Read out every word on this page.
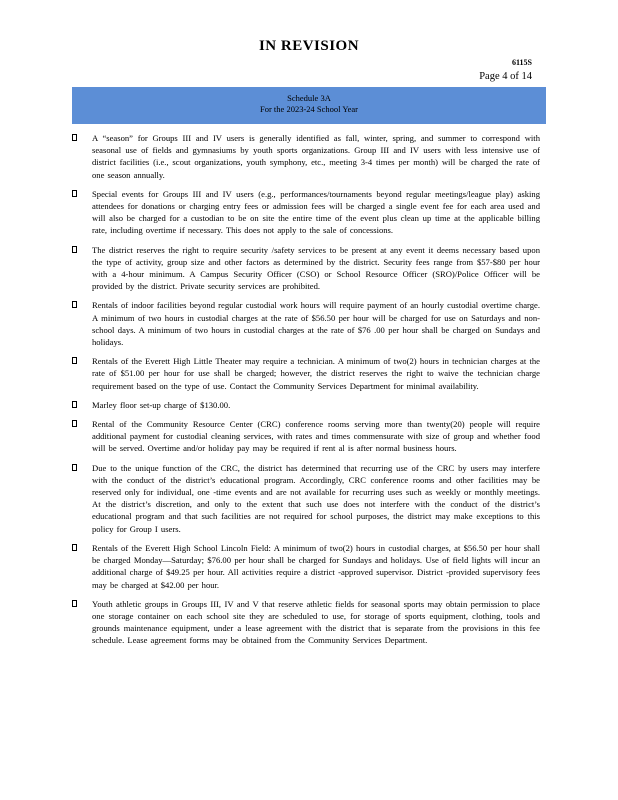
IN REVISION
6115S
Page 4 of 14
Schedule 3A
For the 2023-24 School Year
A “season” for Groups III and IV users is generally identified as fall, winter, spring, and summer to correspond with seasonal use of fields and gymnasiums by youth sports organizations. Group III and IV users with less intensive use of district facilities (i.e., scout organizations, youth symphony, etc., meeting 3-4 times per month) will be charged the rate of one season annually.
Special events for Groups III and IV users (e.g., performances/tournaments beyond regular meetings/league play) asking attendees for donations or charging entry fees or admission fees will be charged a single event fee for each area used and will also be charged for a custodian to be on site the entire time of the event plus clean up time at the applicable billing rate, including overtime if necessary. This does not apply to the sale of concessions.
The district reserves the right to require security /safety services to be present at any event it deems necessary based upon the type of activity, group size and other factors as determined by the district. Security fees range from $57-$80 per hour with a 4-hour minimum. A Campus Security Officer (CSO) or School Resource Officer (SRO)/Police Officer will be provided by the district. Private security services are prohibited.
Rentals of indoor facilities beyond regular custodial work hours will require payment of an hourly custodial overtime charge. A minimum of two hours in custodial charges at the rate of $56.50 per hour will be charged for use on Saturdays and non- school days. A minimum of two hours in custodial charges at the rate of $76 .00 per hour shall be charged on Sundays and holidays.
Rentals of the Everett High Little Theater may require a technician. A minimum of two(2) hours in technician charges at the rate of $51.00 per hour for use shall be charged; however, the district reserves the right to waive the technician charge requirement based on the type of use. Contact the Community Services Department for minimal availability.
Marley floor set-up charge of $130.00.
Rental of the Community Resource Center (CRC) conference rooms serving more than twenty(20) people will require additional payment for custodial cleaning services, with rates and times commensurate with size of group and whether food will be served. Overtime and/or holiday pay may be required if rent al is after normal business hours.
Due to the unique function of the CRC, the district has determined that recurring use of the CRC by users may interfere with the conduct of the district’s educational program. Accordingly, CRC conference rooms and other facilities may be reserved only for individual, one -time events and are not available for recurring uses such as weekly or monthly meetings. At the district’s discretion, and only to the extent that such use does not interfere with the conduct of the district’s educational program and that such facilities are not required for school purposes, the district may make exceptions to this policy for Group I users.
Rentals of the Everett High School Lincoln Field: A minimum of two(2) hours in custodial charges, at $56.50 per hour shall be charged Monday—Saturday; $76.00 per hour shall be charged for Sundays and holidays. Use of field lights will incur an additional charge of $49.25 per hour. All activities require a district -approved supervisor. District -provided supervisory fees may be charged at $42.00 per hour.
Youth athletic groups in Groups III, IV and V that reserve athletic fields for seasonal sports may obtain permission to place one storage container on each school site they are scheduled to use, for storage of sports equipment, clothing, tools and grounds maintenance equipment, under a lease agreement with the district that is separate from the provisions in this fee schedule. Lease agreement forms may be obtained from the Community Services Department.
